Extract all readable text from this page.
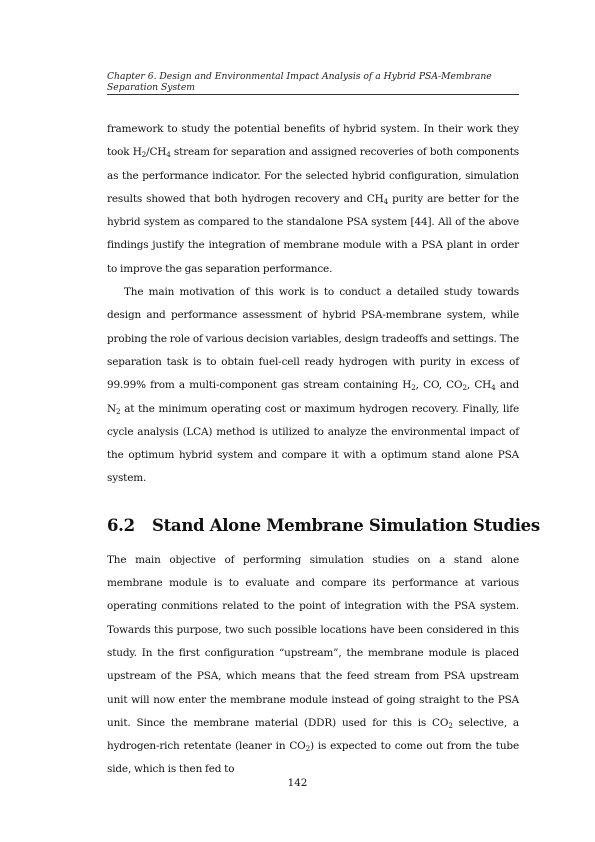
Chapter 6. Design and Environmental Impact Analysis of a Hybrid PSA-Membrane Separation System

framework to study the potential benefits of hybrid system. In their work they took $H_2/CH_4$ stream for separation and assigned recoveries of both components as the performance indicator. For the selected hybrid configuration, simulation results showed that both hydrogen recovery and $CH_4$ purity are better for the hybrid system as compared to the standalone PSA system [44]. All of the above findings justify the integration of membrane module with a PSA plant in order to improve the gas separation performance.

The main motivation of this work is to conduct a detailed study towards design and performance assessment of hybrid PSA-membrane system, while probing the role of various decision variables, design tradeoffs and settings. The separation task is to obtain fuel-cell ready hydrogen with purity in excess of 99.99% from a multi-component gas stream containing $H_2$, CO, $CO_2$, $CH_4$ and $N_2$ at the minimum operating cost or maximum hydrogen recovery. Finally, life cycle analysis (LCA) method is utilized to analyze the environmental impact of the optimum hybrid system and compare it with a optimum stand alone PSA system.

6.2 Stand Alone Membrane Simulation Studies

The main objective of performing simulation studies on a stand alone membrane module is to evaluate and compare its performance at various operating conmitions related to the point of integration with the PSA system. Towards this purpose, two such possible locations have been considered in this study. In the first configuration “upstream”, the membrane module is placed upstream of the PSA, which means that the feed stream from PSA upstream unit will now enter the membrane module instead of going straight to the PSA unit. Since the membrane material (DDR) used for this is $CO_2$ selective, a hydrogen-rich retentate (leaner in $CO_2$) is expected to come out from the tube side, which is then fed to

142
